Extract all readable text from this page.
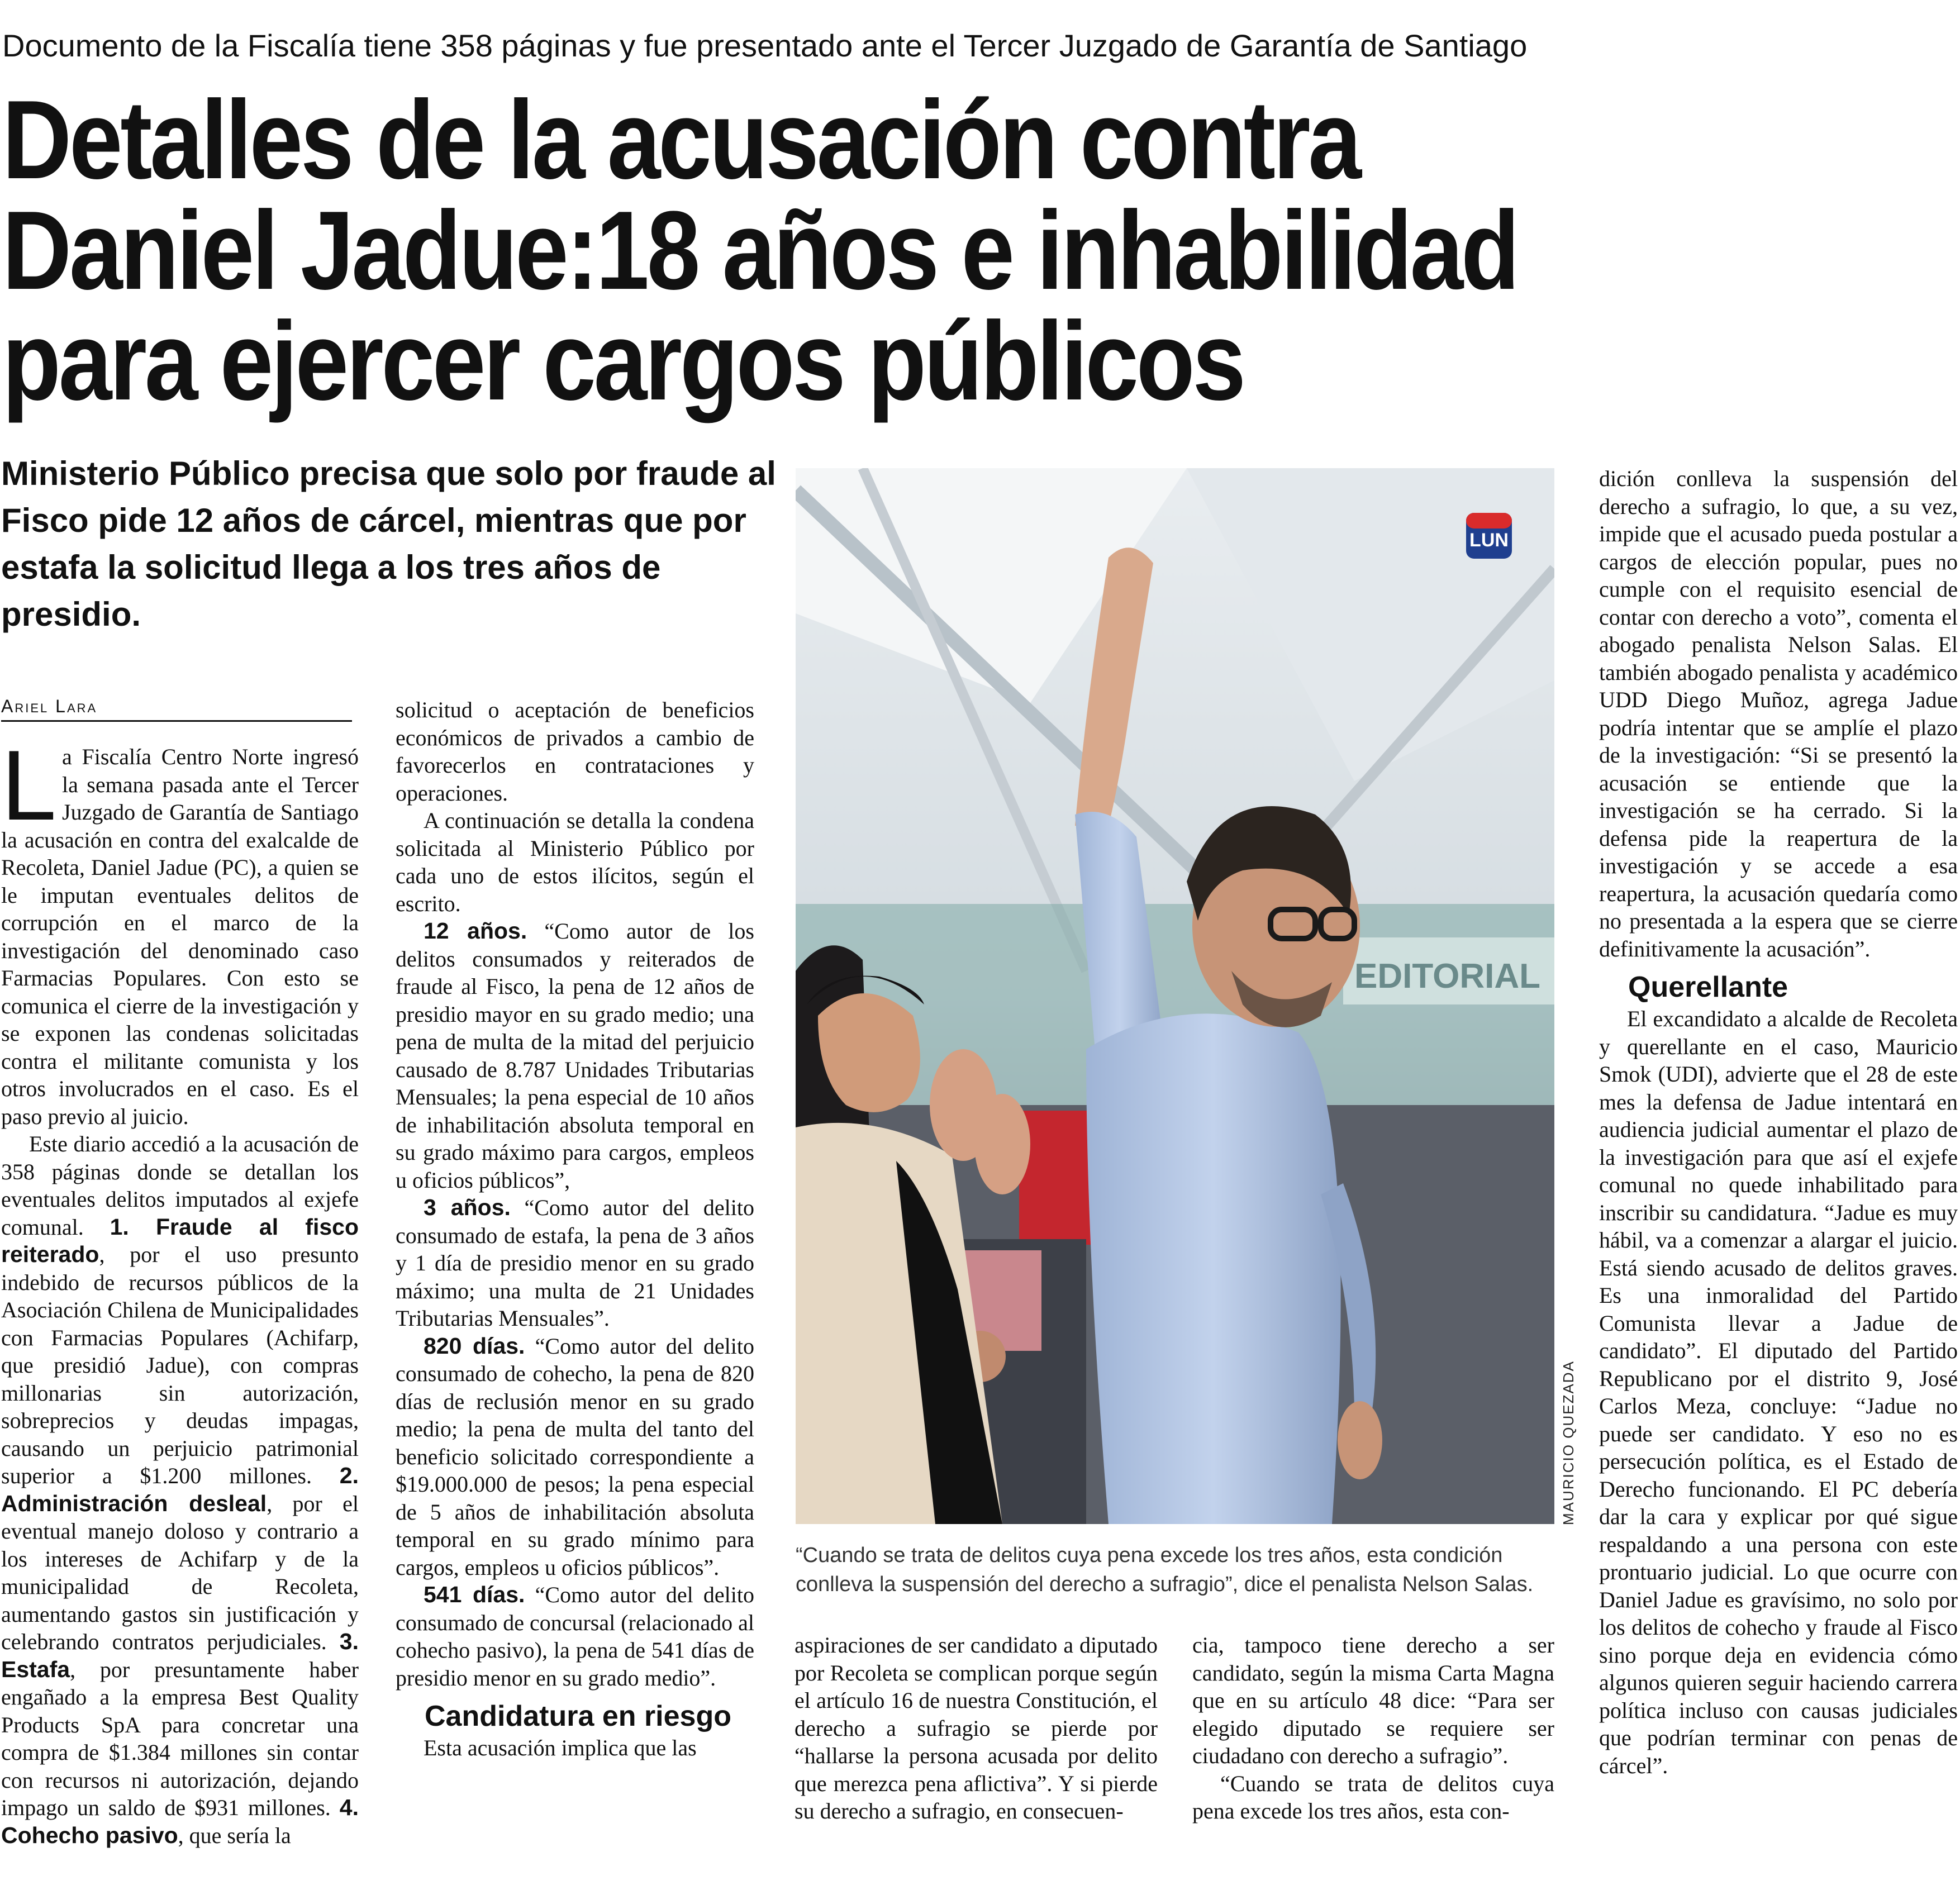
Documento de la Fiscalía tiene 358 páginas y fue presentado ante el Tercer Juzgado de Garantía de Santiago
Detalles de la acusación contra
Daniel Jadue:18 años e inhabilidad
para ejercer cargos públicos
Ministerio Público precisa que solo por fraude al Fisco pide 12 años de cárcel, mientras que por estafa la solicitud llega a los tres años de presidio.
Ariel Lara

La Fiscalía Centro Norte ingresó la semana pasada ante el Tercer Juzgado de Garantía de Santiago la acusación en contra del exalcalde de Recoleta, Daniel Jadue (PC), a quien se le imputan eventuales delitos de corrupción en el marco de la investigación del denominado caso Farmacias Populares. Con esto se comunica el cierre de la investigación y se exponen las condenas solicitadas contra el militante comunista y los otros involucrados en el caso. Es el paso previo al juicio.

Este diario accedió a la acusación de 358 páginas donde se detallan los eventuales delitos imputados al exjefe comunal. 1. Fraude al fisco reiterado, por el uso presunto indebido de recursos públicos de la Asociación Chilena de Municipalidades con Farmacias Populares (Achifarp, que presidió Jadue), con compras millonarias sin autorización, sobreprecios y deudas impagas, causando un perjuicio patrimonial superior a $1.200 millones. 2. Administración desleal, por el eventual manejo doloso y contrario a los intereses de Achifarp y de la municipalidad de Recoleta, aumentando gastos sin justificación y celebrando contratos perjudiciales. 3. Estafa, por presuntamente haber engañado a la empresa Best Quality Products SpA para concretar una compra de $1.384 millones sin contar con recursos ni autorización, dejando impago un saldo de $931 millones. 4. Cohecho pasivo, que sería la

solicitud o aceptación de beneficios económicos de privados a cambio de favorecerlos en contrataciones y operaciones.

A continuación se detalla la condena solicitada al Ministerio Público por cada uno de estos ilícitos, según el escrito.

12 años. “Como autor de los delitos consumados y reiterados de fraude al Fisco, la pena de 12 años de presidio mayor en su grado medio; una pena de multa de la mitad del perjuicio causado de 8.787 Unidades Tributarias Mensuales; la pena especial de 10 años de inhabilitación absoluta temporal en su grado máximo para cargos, empleos u oficios públicos”,

3 años. “Como autor del delito consumado de estafa, la pena de 3 años y 1 día de presidio menor en su grado máximo; una multa de 21 Unidades Tributarias Mensuales”.

820 días. “Como autor del delito consumado de cohecho, la pena de 820 días de reclusión menor en su grado medio; la pena de multa del tanto del beneficio solicitado correspondiente a $19.000.000 de pesos; la pena especial de 5 años de inhabilitación absoluta temporal en su grado mínimo para cargos, empleos u oficios públicos”.

541 días. “Como autor del delito consumado de concursal (relacionado al cohecho pasivo), la pena de 541 días de presidio menor en su grado medio”.

Candidatura en riesgo

Esta acusación implica que las

EDITORIAL
LUN
MAURICIO QUEZADA
“Cuando se trata de delitos cuya pena excede los tres años, esta condición conlleva la suspensión del derecho a sufragio”, dice el penalista Nelson Salas.

aspiraciones de ser candidato a diputado por Recoleta se complican porque según el artículo 16 de nuestra Constitución, el derecho a sufragio se pierde por “hallarse la persona acusada por delito que merezca pena aflictiva”. Y si pierde su derecho a sufragio, en consecuen-

cia, tampoco tiene derecho a ser candidato, según la misma Carta Magna que en su artículo 48 dice: “Para ser elegido diputado se requiere ser ciudadano con derecho a sufragio”.

“Cuando se trata de delitos cuya pena excede los tres años, esta con-

dición conlleva la suspensión del derecho a sufragio, lo que, a su vez, impide que el acusado pueda postular a cargos de elección popular, pues no cumple con el requisito esencial de contar con derecho a voto”, comenta el abogado penalista Nelson Salas. El también abogado penalista y académico UDD Diego Muñoz, agrega Jadue podría intentar que se amplíe el plazo de la investigación: “Si se presentó la acusación se entiende que la investigación se ha cerrado. Si la defensa pide la reapertura de la investigación y se accede a esa reapertura, la acusación quedaría como no presentada a la espera que se cierre definitivamente la acusación”.

Querellante

El excandidato a alcalde de Recoleta y querellante en el caso, Mauricio Smok (UDI), advierte que el 28 de este mes la defensa de Jadue intentará en audiencia judicial aumentar el plazo de la investigación para que así el exjefe comunal no quede inhabilitado para inscribir su candidatura. “Jadue es muy hábil, va a comenzar a alargar el juicio. Está siendo acusado de delitos graves. Es una inmoralidad del Partido Comunista llevar a Jadue de candidato”. El diputado del Partido Republicano por el distrito 9, José Carlos Meza, concluye: “Jadue no puede ser candidato. Y eso no es persecución política, es el Estado de Derecho funcionando. El PC debería dar la cara y explicar por qué sigue respaldando a una persona con este prontuario judicial. Lo que ocurre con Daniel Jadue es gravísimo, no solo por los delitos de cohecho y fraude al Fisco sino porque deja en evidencia cómo algunos quieren seguir haciendo carrera política incluso con causas judiciales que podrían terminar con penas de cárcel”.
